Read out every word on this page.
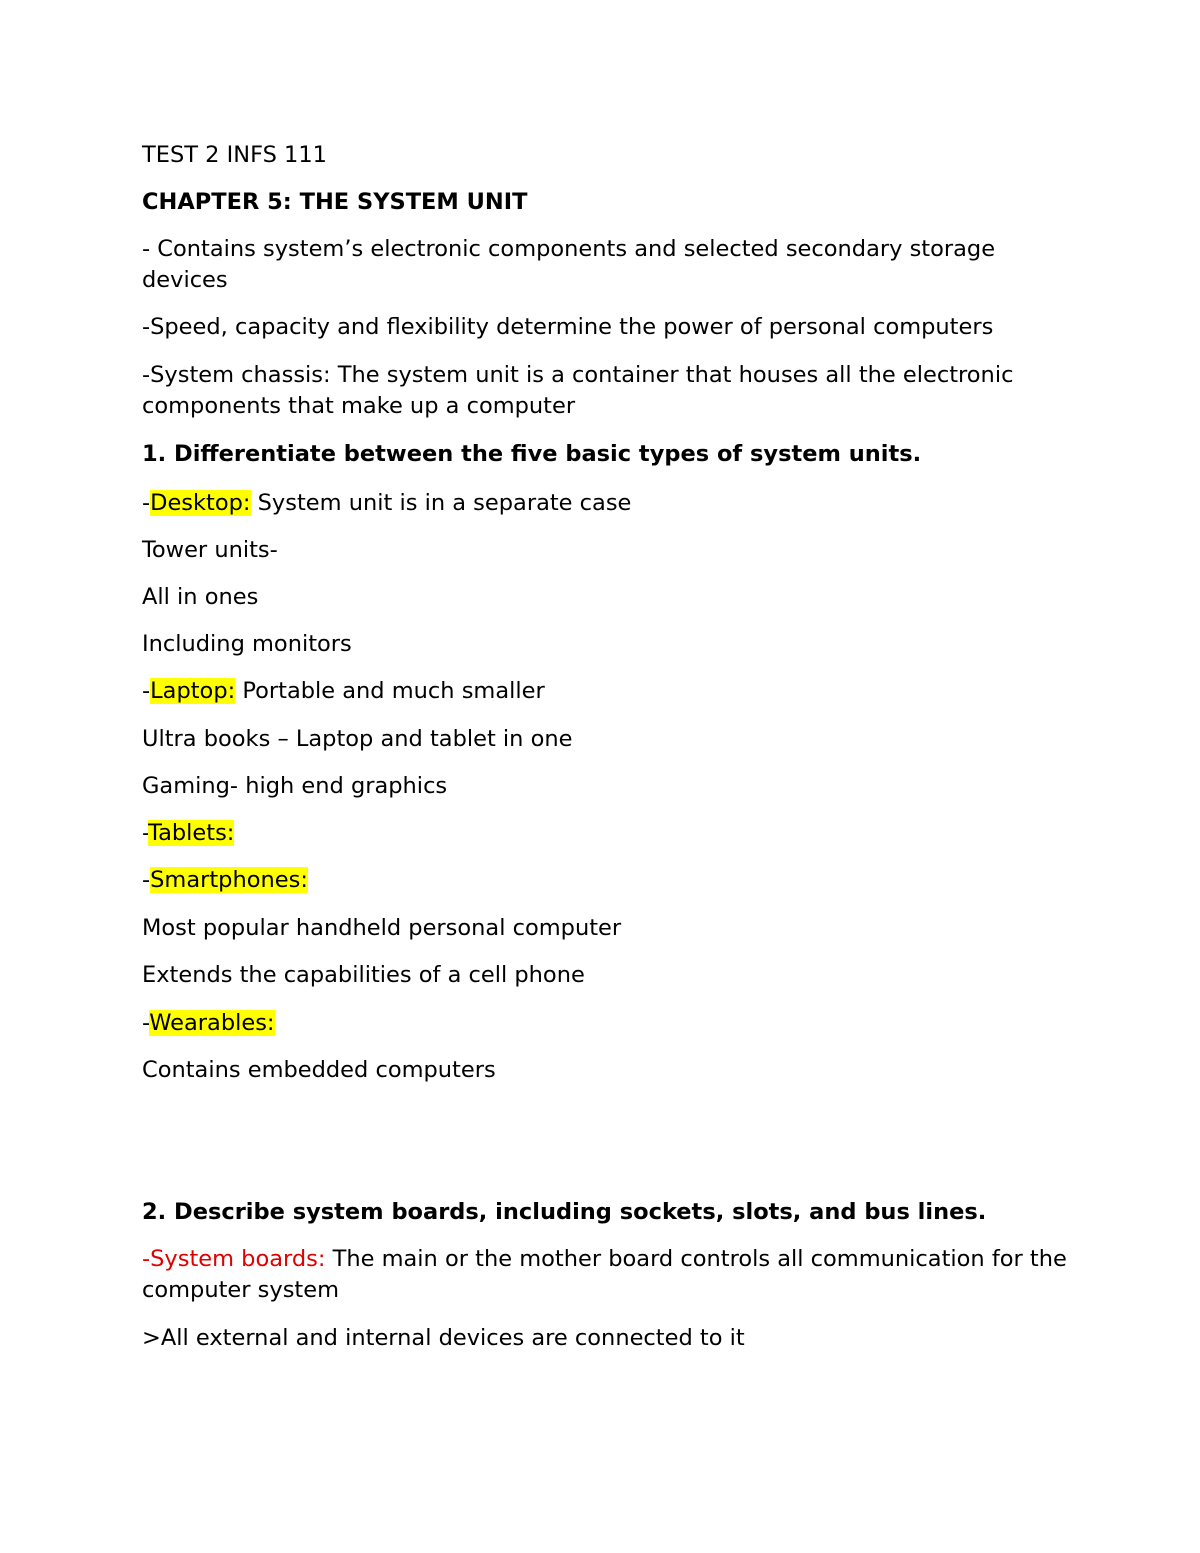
TEST 2 INFS 111
CHAPTER 5: THE SYSTEM UNIT
- Contains system’s electronic components and selected secondary storage devices
-Speed, capacity and flexibility determine the power of personal computers
-System chassis: The system unit is a container that houses all the electronic components that make up a computer
1. Differentiate between the five basic types of system units.
-Desktop: System unit is in a separate case
Tower units-
All in ones
Including monitors
-Laptop: Portable and much smaller
Ultra books – Laptop and tablet in one
Gaming- high end graphics
-Tablets:
-Smartphones:
Most popular handheld personal computer
Extends the capabilities of a cell phone
-Wearables:
Contains embedded computers
2. Describe system boards, including sockets, slots, and bus lines.
-System boards: The main or the mother board controls all communication for the computer system
>All external and internal devices are connected to it
